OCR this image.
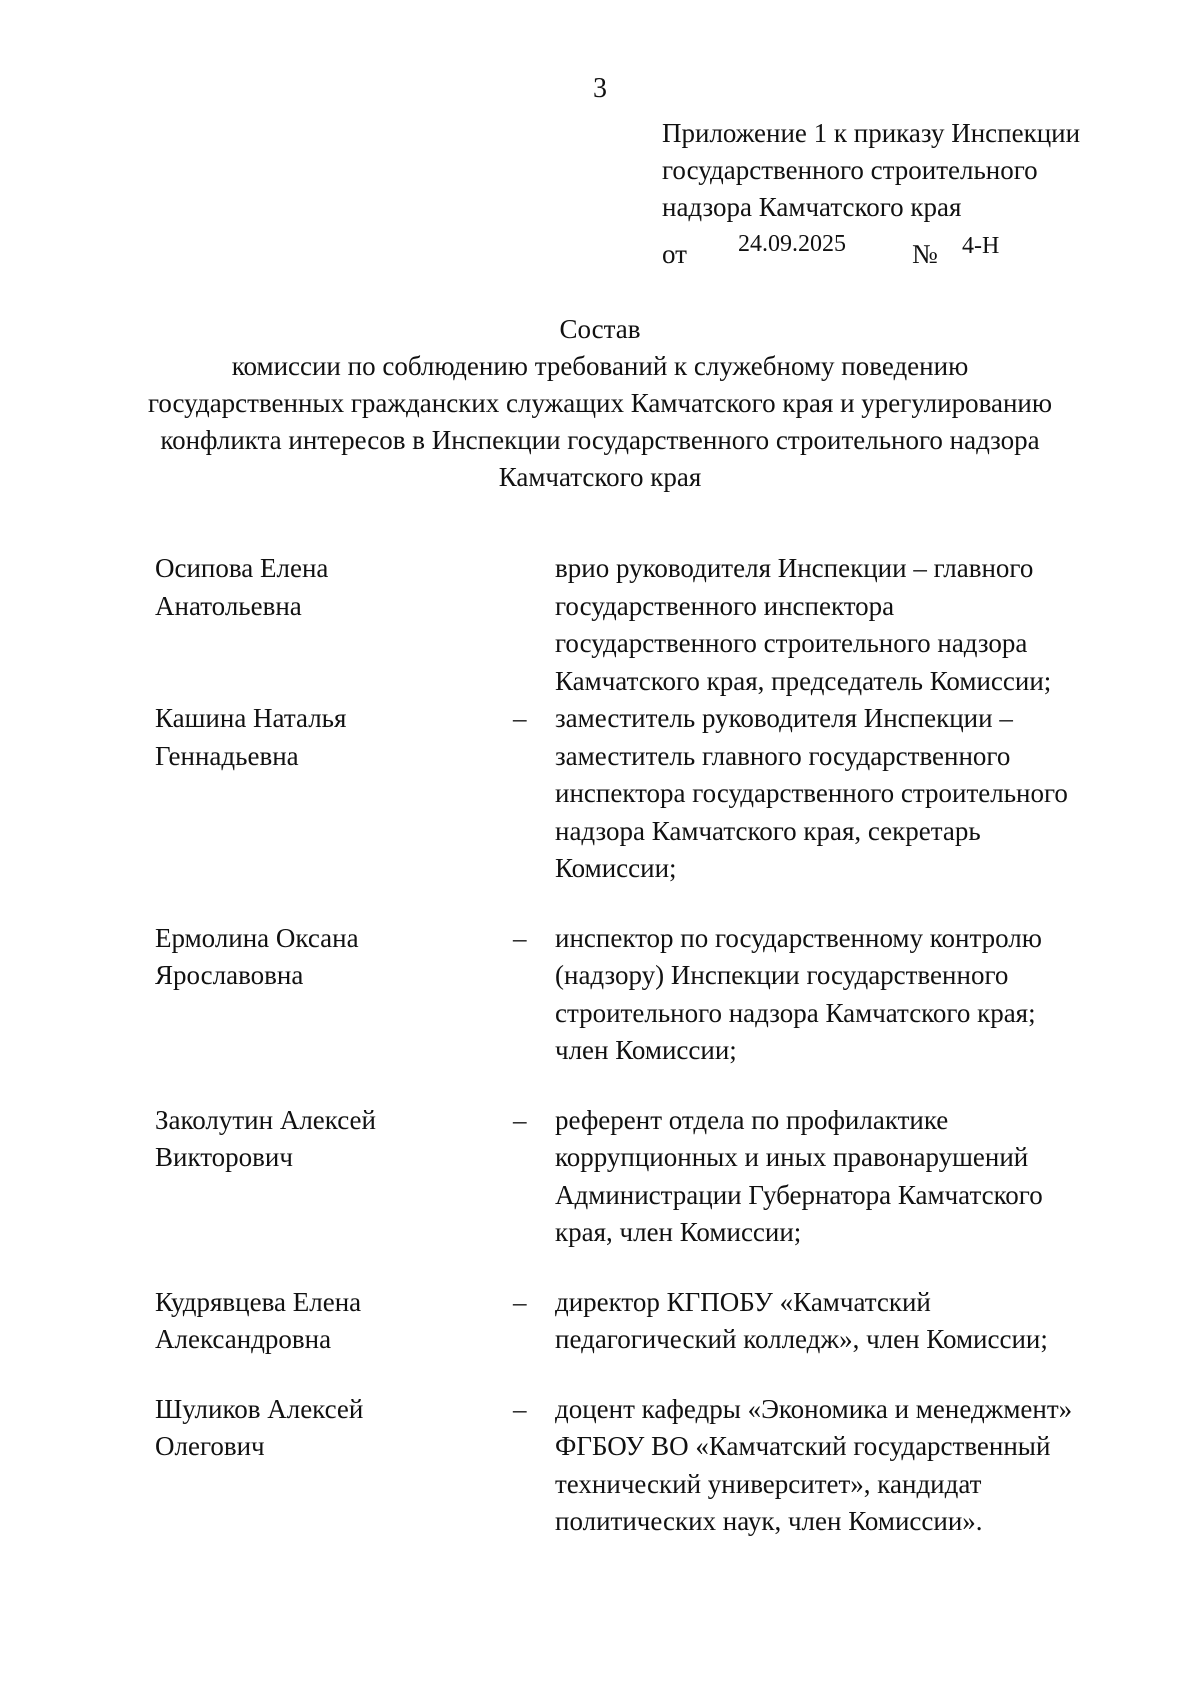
3
Приложение 1 к приказу Инспекции
государственного строительного
надзора Камчатского края
от 24.09.2025 № 4-Н
Состав
комиссии по соблюдению требований к служебному поведению
государственных гражданских служащих Камчатского края и урегулированию
конфликта интересов в Инспекции государственного строительного надзора
Камчатского края
Осипова Елена
Анатольевна
врио руководителя Инспекции – главного
государственного инспектора
государственного строительного надзора
Камчатского края, председатель Комиссии;
Кашина Наталья
Геннадьевна
– заместитель руководителя Инспекции –
заместитель главного государственного
инспектора государственного строительного
надзора Камчатского края, секретарь
Комиссии;
Ермолина Оксана
Ярославовна
– инспектор по государственному контролю
(надзору) Инспекции государственного
строительного надзора Камчатского края;
член Комиссии;
Заколутин Алексей
Викторович
– референт отдела по профилактике
коррупционных и иных правонарушений
Администрации Губернатора Камчатского
края, член Комиссии;
Кудрявцева Елена
Александровна
– директор КГПОБУ «Камчатский
педагогический колледж», член Комиссии;
Шуликов Алексей
Олегович
– доцент кафедры «Экономика и менеджмент»
ФГБОУ ВО «Камчатский государственный
технический университет», кандидат
политических наук, член Комиссии».
